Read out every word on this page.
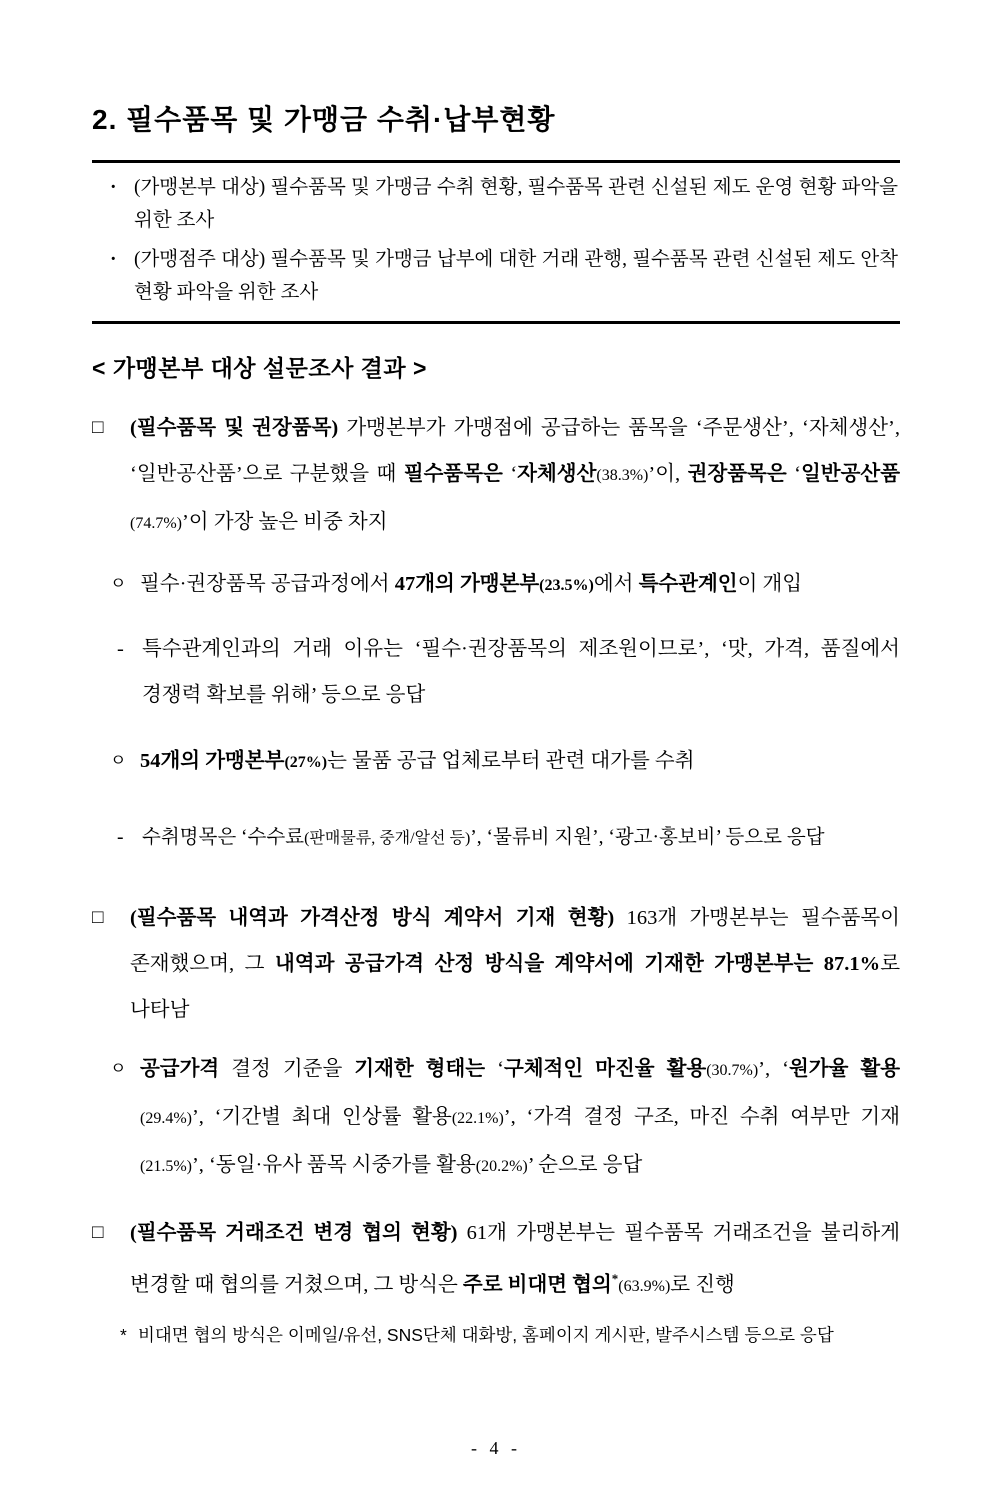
2. 필수품목 및 가맹금 수취·납부현황
· (가맹본부 대상) 필수품목 및 가맹금 수취 현황, 필수품목 관련 신설된 제도 운영 현황 파악을 위한 조사
· (가맹점주 대상) 필수품목 및 가맹금 납부에 대한 거래 관행, 필수품목 관련 신설된 제도 안착 현황 파악을 위한 조사
< 가맹본부 대상 설문조사 결과 >
□ (필수품목 및 권장품목) 가맹본부가 가맹점에 공급하는 품목을 ‘주문생산’, ‘자체생산’, ‘일반공산품’으로 구분했을 때 필수품목은 ‘자체생산(38.3%)’이, 권장품목은 ‘일반공산품(74.7%)’이 가장 높은 비중 차지
ㅇ 필수·권장품목 공급과정에서 47개의 가맹본부(23.5%)에서 특수관계인이 개입
- 특수관계인과의 거래 이유는 ‘필수·권장품목의 제조원이므로’, ‘맛, 가격, 품질에서 경쟁력 확보를 위해’ 등으로 응답
ㅇ 54개의 가맹본부(27%)는 물품 공급 업체로부터 관련 대가를 수취
- 수취명목은 ‘수수료(판매물류, 중개/알선 등)’, ‘물류비 지원’, ‘광고·홍보비’ 등으로 응답
□ (필수품목 내역과 가격산정 방식 계약서 기재 현황) 163개 가맹본부는 필수품목이 존재했으며, 그 내역과 공급가격 산정 방식을 계약서에 기재한 가맹본부는 87.1%로 나타남
ㅇ 공급가격 결정 기준을 기재한 형태는 ‘구체적인 마진율 활용(30.7%)’, ‘원가율 활용(29.4%)’, ‘기간별 최대 인상률 활용(22.1%)’, ‘가격 결정 구조, 마진 수취 여부만 기재(21.5%)’, ‘동일·유사 품목 시중가를 활용(20.2%)’ 순으로 응답
□ (필수품목 거래조건 변경 협의 현황) 61개 가맹본부는 필수품목 거래조건을 불리하게 변경할 때 협의를 거쳤으며, 그 방식은 주로 비대면 협의*(63.9%)로 진행
* 비대면 협의 방식은 이메일/유선, SNS단체 대화방, 홈페이지 게시판, 발주시스템 등으로 응답
- 4 -
